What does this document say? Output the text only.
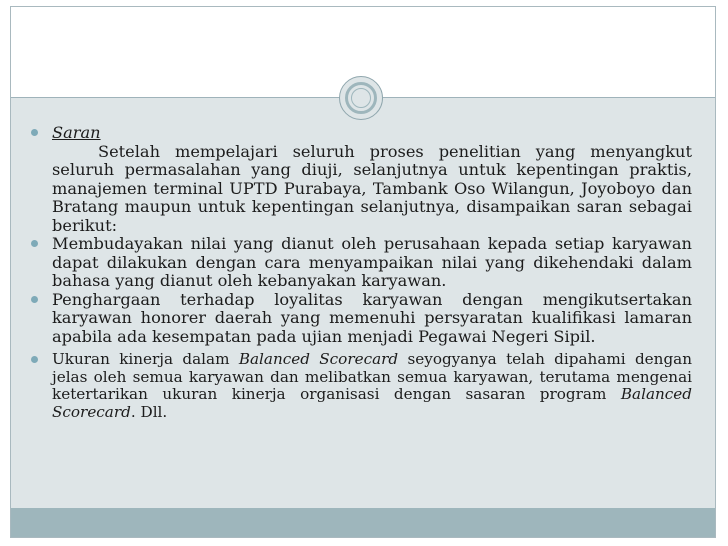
Saran

Setelah mempelajari seluruh proses penelitian yang menyangkut seluruh permasalahan yang diuji, selanjutnya untuk kepentingan praktis, manajemen terminal UPTD Purabaya, Tambank Oso Wilangun, Joyoboyo dan Bratang maupun untuk kepentingan selanjutnya, disampaikan saran sebagai berikut:

Membudayakan nilai yang dianut oleh perusahaan kepada setiap karyawan dapat dilakukan dengan cara menyampaikan nilai yang dikehendaki dalam bahasa yang dianut oleh kebanyakan karyawan.

Penghargaan terhadap loyalitas karyawan dengan mengikutsertakan karyawan honorer daerah yang memenuhi persyaratan kualifikasi lamaran apabila ada kesempatan pada ujian menjadi Pegawai Negeri Sipil.

Ukuran kinerja dalam Balanced Scorecard seyogyanya telah dipahami dengan jelas oleh semua karyawan dan melibatkan semua karyawan, terutama mengenai ketertarikan ukuran kinerja organisasi dengan sasaran program Balanced Scorecard. Dll.
